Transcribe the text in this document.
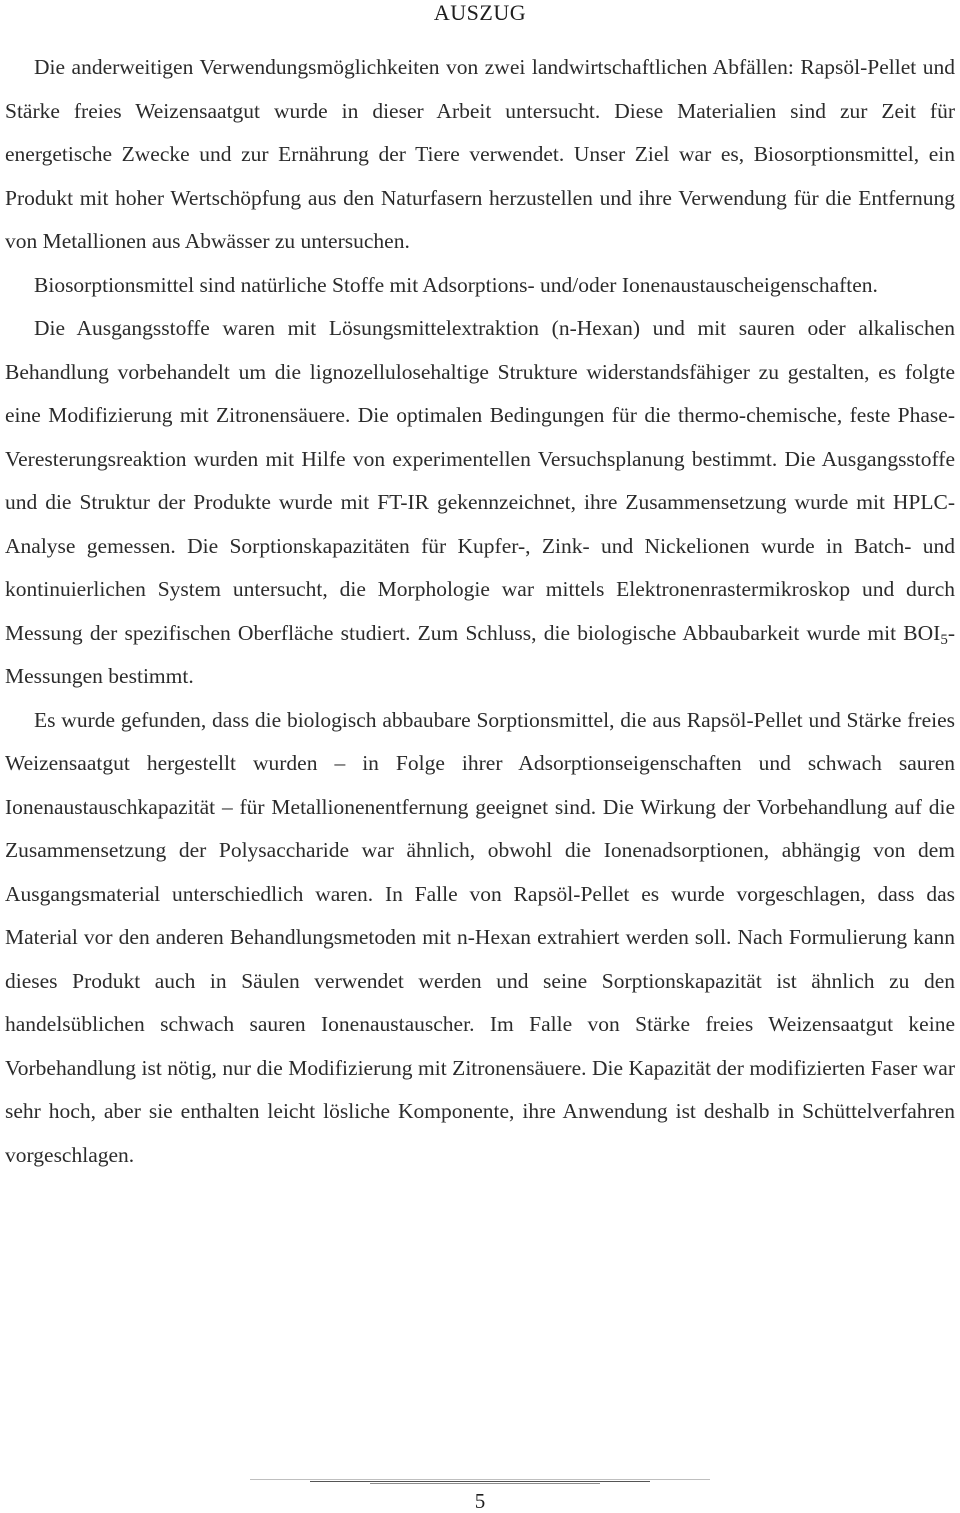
AUSZUG

Die anderweitigen Verwendungsmöglichkeiten von zwei landwirtschaftlichen Abfällen: Rapsöl-Pellet und Stärke freies Weizensaatgut wurde in dieser Arbeit untersucht. Diese Materialien sind zur Zeit für energetische Zwecke und zur Ernährung der Tiere verwendet. Unser Ziel war es, Biosorptionsmittel, ein Produkt mit hoher Wertschöpfung aus den Naturfasern herzustellen und ihre Verwendung für die Entfernung von Metallionen aus Abwässer zu untersuchen.

Biosorptionsmittel sind natürliche Stoffe mit Adsorptions- und/oder Ionenaustauscheigenschaften.

Die Ausgangsstoffe waren mit Lösungsmittelextraktion (n-Hexan) und mit sauren oder alkalischen Behandlung vorbehandelt um die lignozellulosehaltige Strukture widerstandsfähiger zu gestalten, es folgte eine Modifizierung mit Zitronensäuere. Die optimalen Bedingungen für die thermo-chemische, feste Phase-Veresterungsreaktion wurden mit Hilfe von experimentellen Versuchsplanung bestimmt. Die Ausgangsstoffe und die Struktur der Produkte wurde mit FT-IR gekennzeichnet, ihre Zusammensetzung wurde mit HPLC-Analyse gemessen. Die Sorptionskapazitäten für Kupfer-, Zink- und Nickelionen wurde in Batch- und kontinuierlichen System untersucht, die Morphologie war mittels Elektronenrastermikroskop und durch Messung der spezifischen Oberfläche studiert. Zum Schluss, die biologische Abbaubarkeit wurde mit $BOI_5$-Messungen bestimmt.

Es wurde gefunden, dass die biologisch abbaubare Sorptionsmittel, die aus Rapsöl-Pellet und Stärke freies Weizensaatgut hergestellt wurden – in Folge ihrer Adsorptionseigenschaften und schwach sauren Ionenaustauschkapazität – für Metallionenentfernung geeignet sind. Die Wirkung der Vorbehandlung auf die Zusammensetzung der Polysaccharide war ähnlich, obwohl die Ionenadsorptionen, abhängig von dem Ausgangsmaterial unterschiedlich waren. In Falle von Rapsöl-Pellet es wurde vorgeschlagen, dass das Material vor den anderen Behandlungsmetoden mit n-Hexan extrahiert werden soll. Nach Formulierung kann dieses Produkt auch in Säulen verwendet werden und seine Sorptionskapazität ist ähnlich zu den handelsüblichen schwach sauren Ionenaustauscher. Im Falle von Stärke freies Weizensaatgut keine Vorbehandlung ist nötig, nur die Modifizierung mit Zitronensäuere. Die Kapazität der modifizierten Faser war sehr hoch, aber sie enthalten leicht lösliche Komponente, ihre Anwendung ist deshalb in Schüttelverfahren vorgeschlagen.

5
